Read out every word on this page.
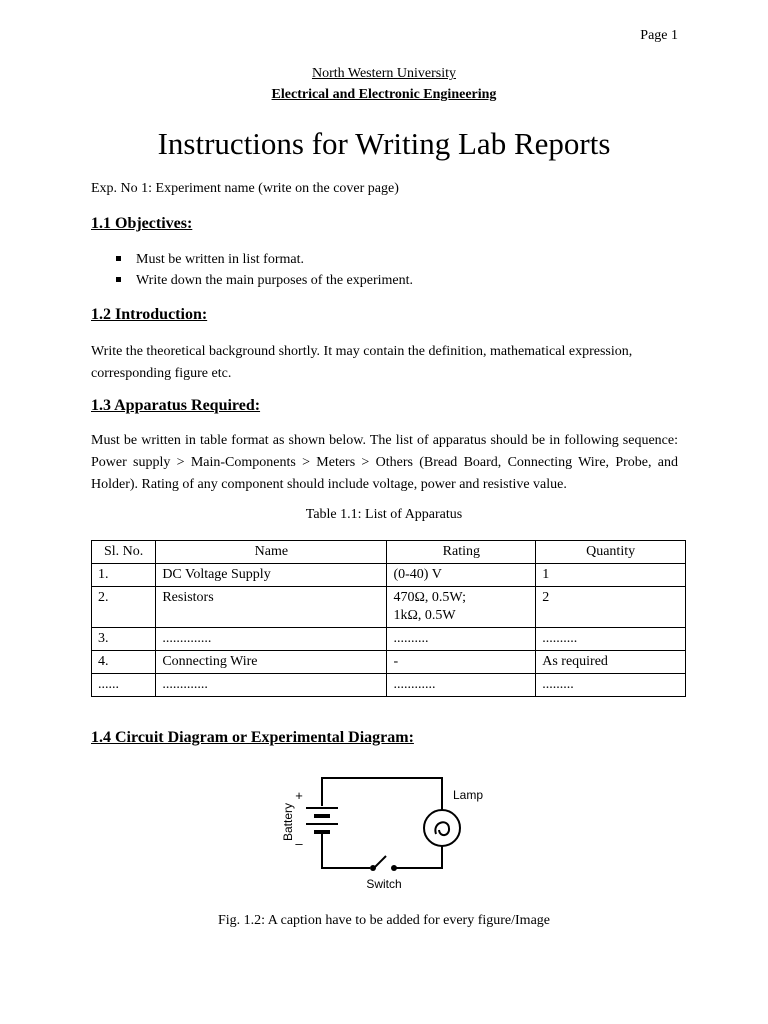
Page 1
North Western University
Electrical and Electronic Engineering
Instructions for Writing Lab Reports
Exp. No 1: Experiment name (write on the cover page)
1.1 Objectives:
Must be written in list format.
Write down the main purposes of the experiment.
1.2 Introduction:
Write the theoretical background shortly. It may contain the definition, mathematical expression, corresponding figure etc.
1.3 Apparatus Required:
Must be written in table format as shown below. The list of apparatus should be in following sequence: Power supply > Main-Components > Meters > Others (Bread Board, Connecting Wire, Probe, and Holder). Rating of any component should include voltage, power and resistive value.
Table 1.1: List of Apparatus
Sl. No.	Name	Rating	Quantity
1.	DC Voltage Supply	(0-40) V	1
2.	Resistors	470Ω, 0.5W;
1kΩ, 0.5W	2
3.	..............	..........	..........
4.	Connecting Wire	-	As required
......	.............	............	.........
1.4 Circuit Diagram or Experimental Diagram:
+
–
Battery
Lamp
Switch
Fig. 1.2: A caption have to be added for every figure/Image
